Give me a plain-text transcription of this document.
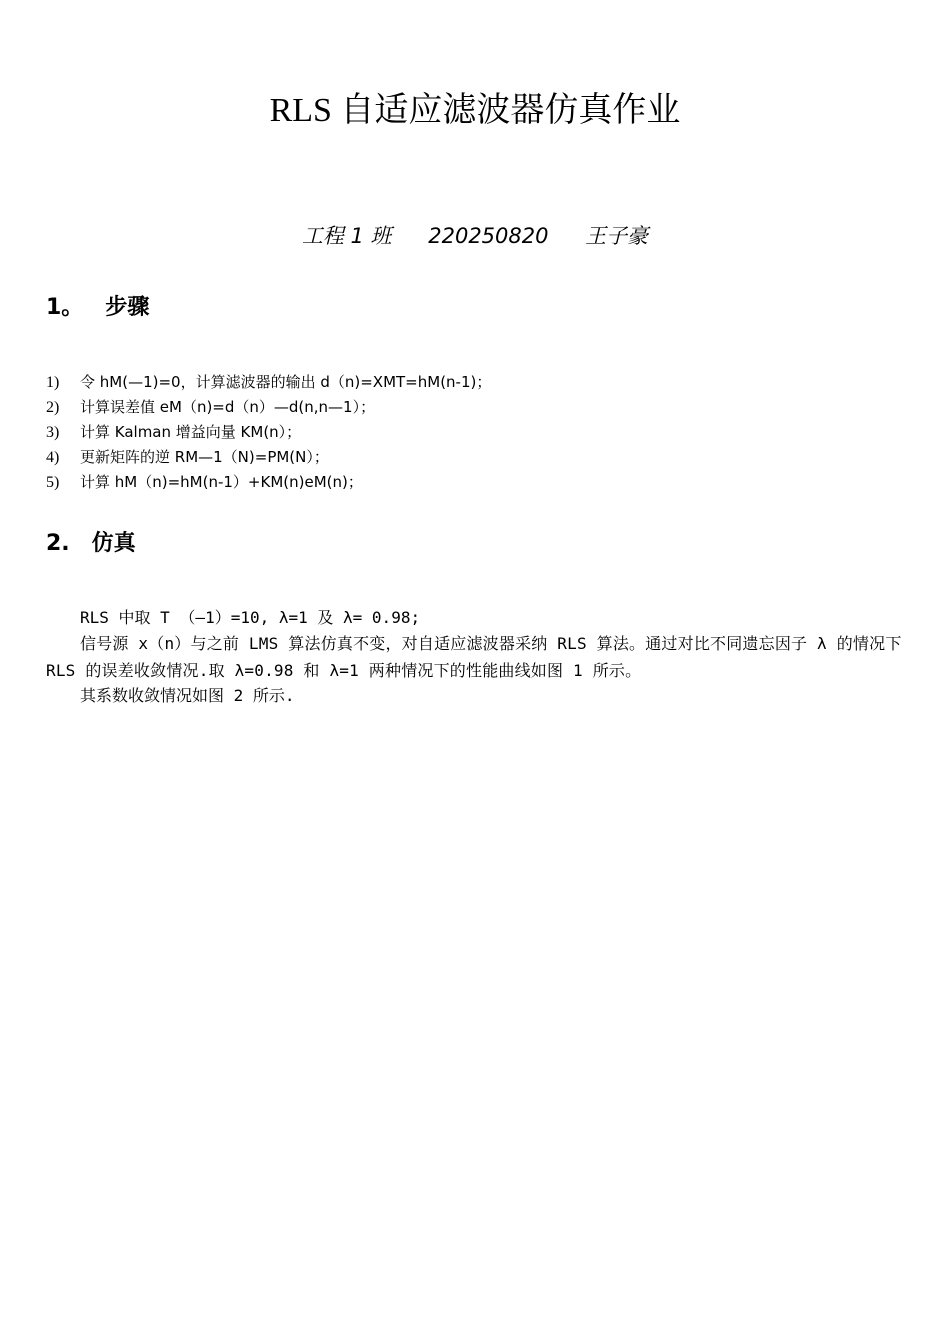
RLS 自适应滤波器仿真作业
工程 1 班 220250820 王子豪
1。 步骤
1) 令 hM(—1)=0，计算滤波器的输出 d（n)=XMT=hM(n-1)；
2) 计算误差值 eM（n)=d（n）—d(n,n—1）；
3) 计算 Kalman 增益向量 KM(n）；
4) 更新矩阵的逆 RM—1（N)=PM(N）；
5) 计算 hM（n)=hM(n-1）+KM(n)eM(n)；
2. 仿真

RLS 中取 T （—1）=10, λ=1 及 λ= 0.98;

信号源 x（n）与之前 LMS 算法仿真不变，对自适应滤波器采纳 RLS 算法。通过对比不同遗忘因子 λ 的情况下 RLS 的误差收敛情况.取 λ=0.98 和 λ=1 两种情况下的性能曲线如图 1 所示。

其系数收敛情况如图 2 所示.
